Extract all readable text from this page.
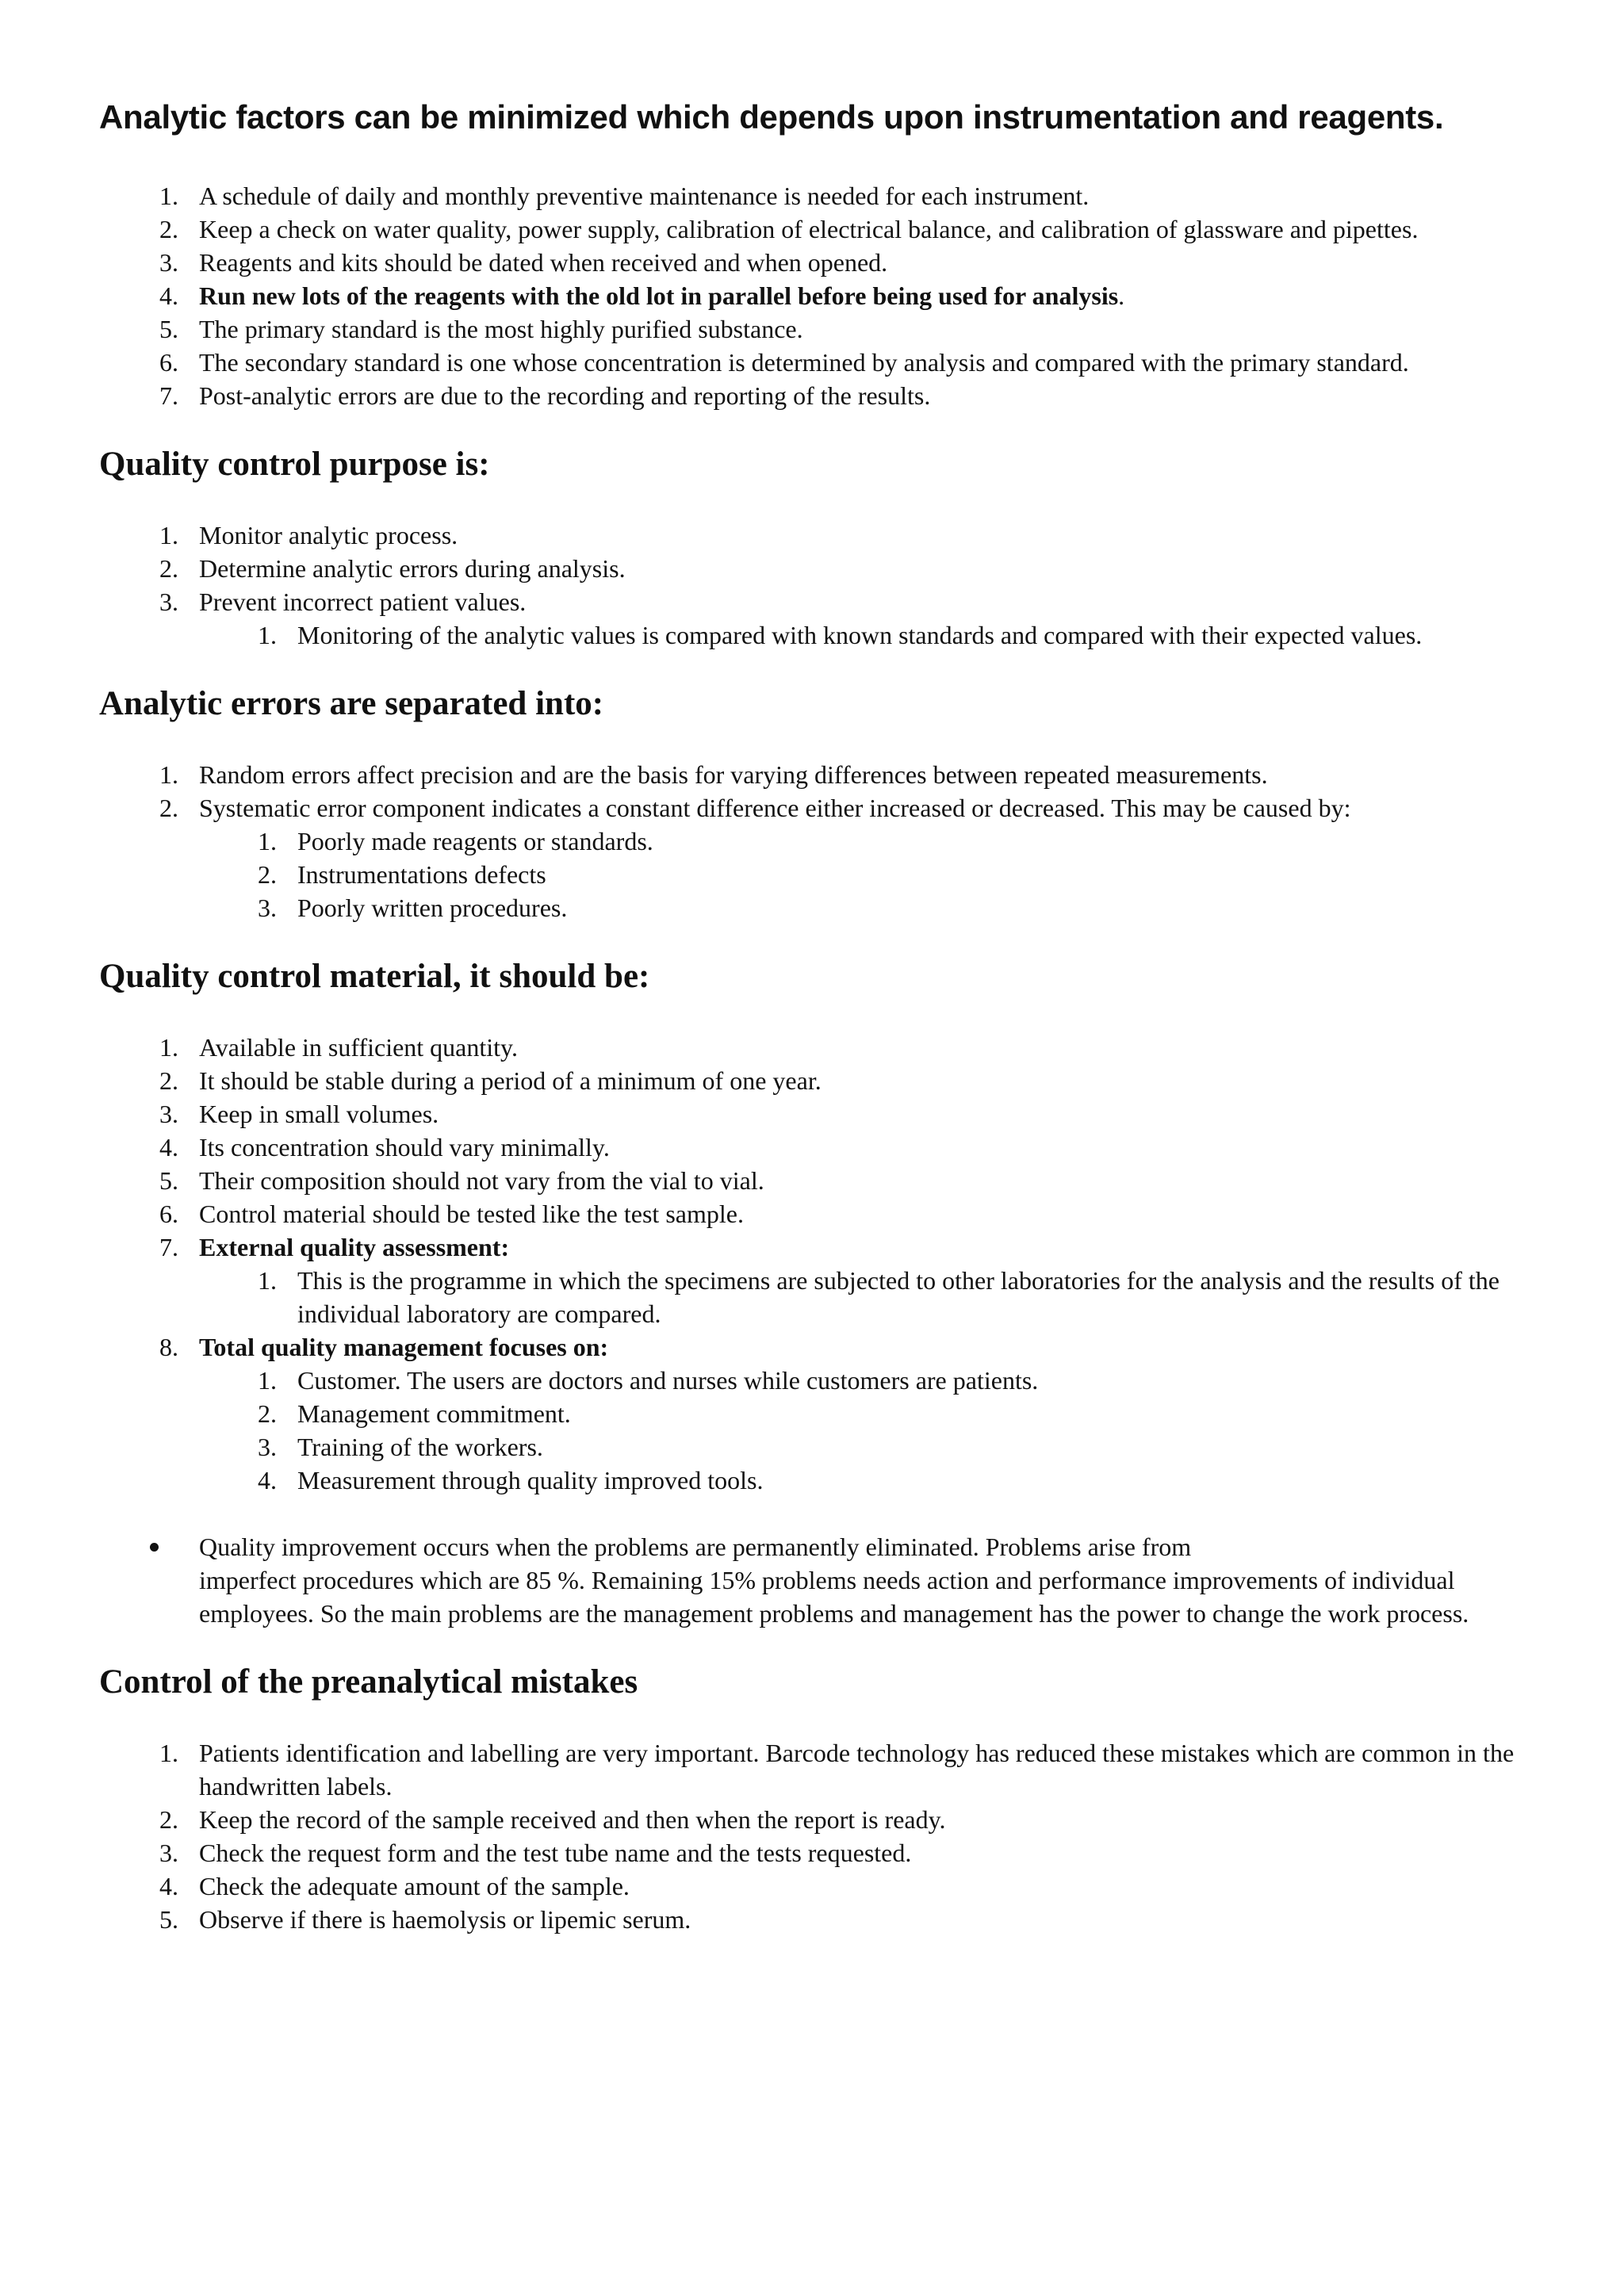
Analytic factors can be minimized which depends upon instrumentation and reagents.
1. A schedule of daily and monthly preventive maintenance is needed for each instrument.
2. Keep a check on water quality, power supply, calibration of electrical balance, and calibration of glassware and pipettes.
3. Reagents and kits should be dated when received and when opened.
4. Run new lots of the reagents with the old lot in parallel before being used for analysis.
5. The primary standard is the most highly purified substance.
6. The secondary standard is one whose concentration is determined by analysis and compared with the primary standard.
7. Post-analytic errors are due to the recording and reporting of the results.
Quality control purpose is:
1. Monitor analytic process.
2. Determine analytic errors during analysis.
3. Prevent incorrect patient values.
1. Monitoring of the analytic values is compared with known standards and compared with their expected values.
Analytic errors are separated into:
1. Random errors affect precision and are the basis for varying differences between repeated measurements.
2. Systematic error component indicates a constant difference either increased or decreased. This may be caused by:
1. Poorly made reagents or standards.
2. Instrumentations defects
3. Poorly written procedures.
Quality control material, it should be:
1. Available in sufficient quantity.
2. It should be stable during a period of a minimum of one year.
3. Keep in small volumes.
4. Its concentration should vary minimally.
5. Their composition should not vary from the vial to vial.
6. Control material should be tested like the test sample.
7. External quality assessment:
1. This is the programme in which the specimens are subjected to other laboratories for the analysis and the results of the individual laboratory are compared.
8. Total quality management focuses on:
1. Customer. The users are doctors and nurses while customers are patients.
2. Management commitment.
3. Training of the workers.
4. Measurement through quality improved tools.
Quality improvement occurs when the problems are permanently eliminated. Problems arise from
imperfect procedures which are 85 %. Remaining 15% problems needs action and performance improvements of individual employees. So the main problems are the management problems and management has the power to change the work process.
Control of the preanalytical mistakes
1. Patients identification and labelling are very important. Barcode technology has reduced these mistakes which are common in the handwritten labels.
2. Keep the record of the sample received and then when the report is ready.
3. Check the request form and the test tube name and the tests requested.
4. Check the adequate amount of the sample.
5. Observe if there is haemolysis or lipemic serum.
